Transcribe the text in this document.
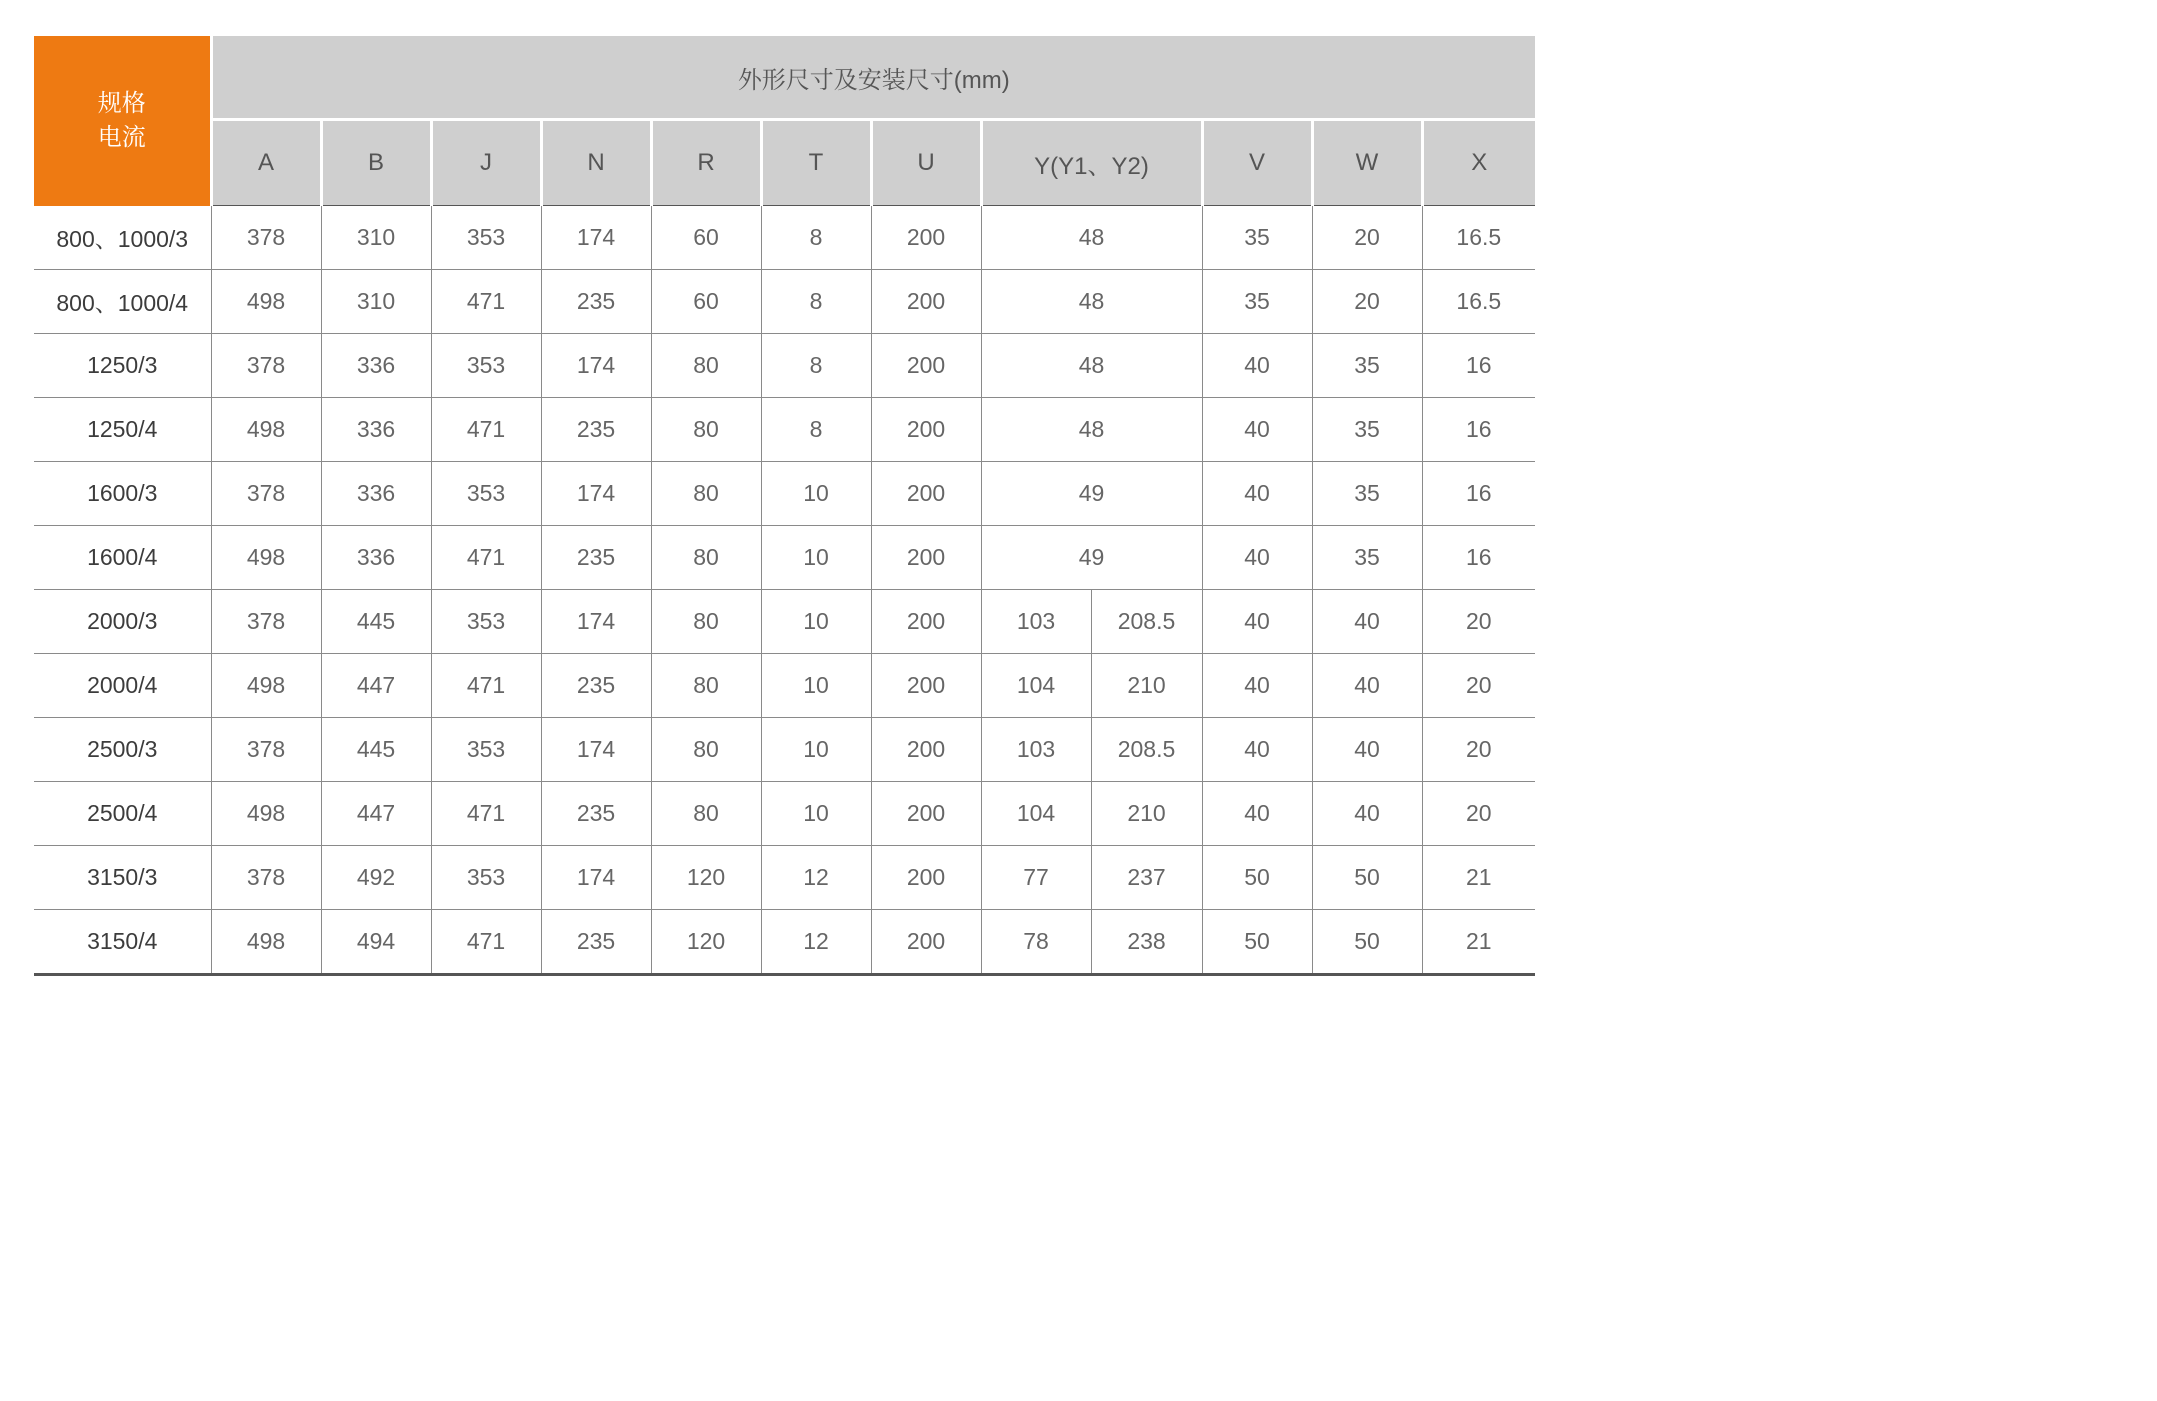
规格
电流	外形尺寸及安装尺寸(mm)											
	A	B	J	N	R	T	U	Y(Y1、Y2)		V	W	X
800、1000/3	378	310	353	174	60	8	200	48		35	20	16.5
800、1000/4	498	310	471	235	60	8	200	48		35	20	16.5
1250/3	378	336	353	174	80	8	200	48		40	35	16
1250/4	498	336	471	235	80	8	200	48		40	35	16
1600/3	378	336	353	174	80	10	200	49		40	35	16
1600/4	498	336	471	235	80	10	200	49		40	35	16
2000/3	378	445	353	174	80	10	200	103	208.5	40	40	20
2000/4	498	447	471	235	80	10	200	104	210	40	40	20
2500/3	378	445	353	174	80	10	200	103	208.5	40	40	20
2500/4	498	447	471	235	80	10	200	104	210	40	40	20
3150/3	378	492	353	174	120	12	200	77	237	50	50	21
3150/4	498	494	471	235	120	12	200	78	238	50	50	21
